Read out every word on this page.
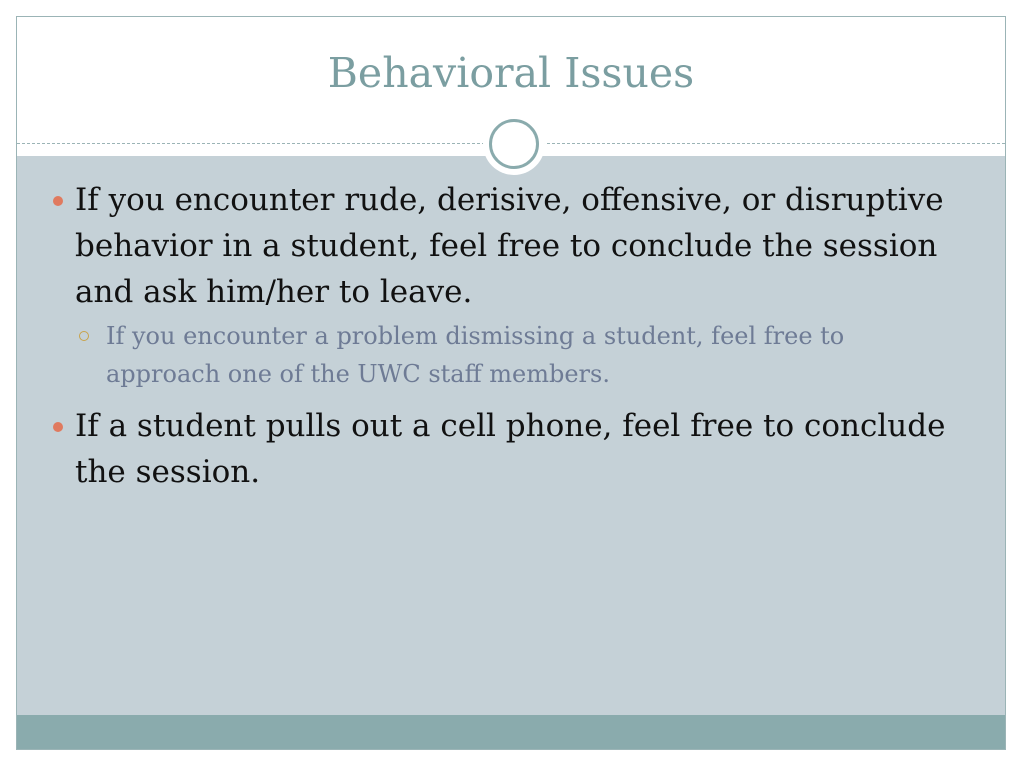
Behavioral Issues
If you encounter rude, derisive, offensive, or disruptive behavior in a student, feel free to conclude the session and ask him/her to leave.
If you encounter a problem dismissing a student, feel free to approach one of the UWC staff members.
If a student pulls out a cell phone, feel free to conclude the session.
